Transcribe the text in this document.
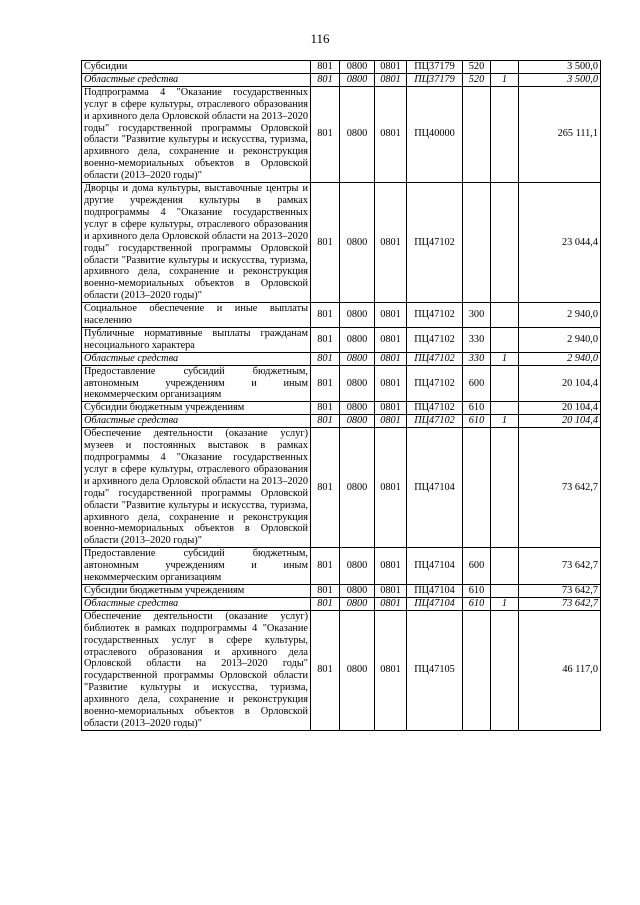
116
Субсидии	801	0800	0801	ПЦ37179	520		3 500,0
Областные средства	801	0800	0801	ПЦ37179	520	1	3 500,0
Подпрограмма 4 "Оказание государственных услуг в сфере культуры, отраслевого образования и архивного дела Орловской области на 2013–2020 годы" государственной программы Орловской области "Развитие культуры и искусства, туризма, архивного дела, сохранение и реконструкция военно-мемориальных объектов в Орловской области (2013–2020 годы)"	801	0800	0801	ПЦ40000			265 111,1
Дворцы и дома культуры, выставочные центры и другие учреждения культуры в рамках подпрограммы 4 "Оказание государственных услуг в сфере культуры, отраслевого образования и архивного дела Орловской области на 2013–2020 годы" государственной программы Орловской области "Развитие культуры и искусства, туризма, архивного дела, сохранение и реконструкция военно-мемориальных объектов в Орловской области (2013–2020 годы)"	801	0800	0801	ПЦ47102			23 044,4
Социальное обеспечение и иные выплаты населению	801	0800	0801	ПЦ47102	300		2 940,0
Публичные нормативные выплаты гражданам несоциального характера	801	0800	0801	ПЦ47102	330		2 940,0
Областные средства	801	0800	0801	ПЦ47102	330	1	2 940,0
Предоставление субсидий бюджетным, автономным учреждениям и иным некоммерческим организациям	801	0800	0801	ПЦ47102	600		20 104,4
Субсидии бюджетным учреждениям	801	0800	0801	ПЦ47102	610		20 104,4
Областные средства	801	0800	0801	ПЦ47102	610	1	20 104,4
Обеспечение деятельности (оказание услуг) музеев и постоянных выставок в рамках подпрограммы 4 "Оказание государственных услуг в сфере культуры, отраслевого образования и архивного дела Орловской области на 2013–2020 годы" государственной программы Орловской области "Развитие культуры и искусства, туризма, архивного дела, сохранение и реконструкция военно-мемориальных объектов в Орловской области (2013–2020 годы)"	801	0800	0801	ПЦ47104			73 642,7
Предоставление субсидий бюджетным, автономным учреждениям и иным некоммерческим организациям	801	0800	0801	ПЦ47104	600		73 642,7
Субсидии бюджетным учреждениям	801	0800	0801	ПЦ47104	610		73 642,7
Областные средства	801	0800	0801	ПЦ47104	610	1	73 642,7
Обеспечение деятельности (оказание услуг) библиотек в рамках подпрограммы 4 "Оказание государственных услуг в сфере культуры, отраслевого образования и архивного дела Орловской области на 2013–2020 годы" государственной программы Орловской области "Развитие культуры и искусства, туризма, архивного дела, сохранение и реконструкция военно-мемориальных объектов в Орловской области (2013–2020 годы)"	801	0800	0801	ПЦ47105			46 117,0
